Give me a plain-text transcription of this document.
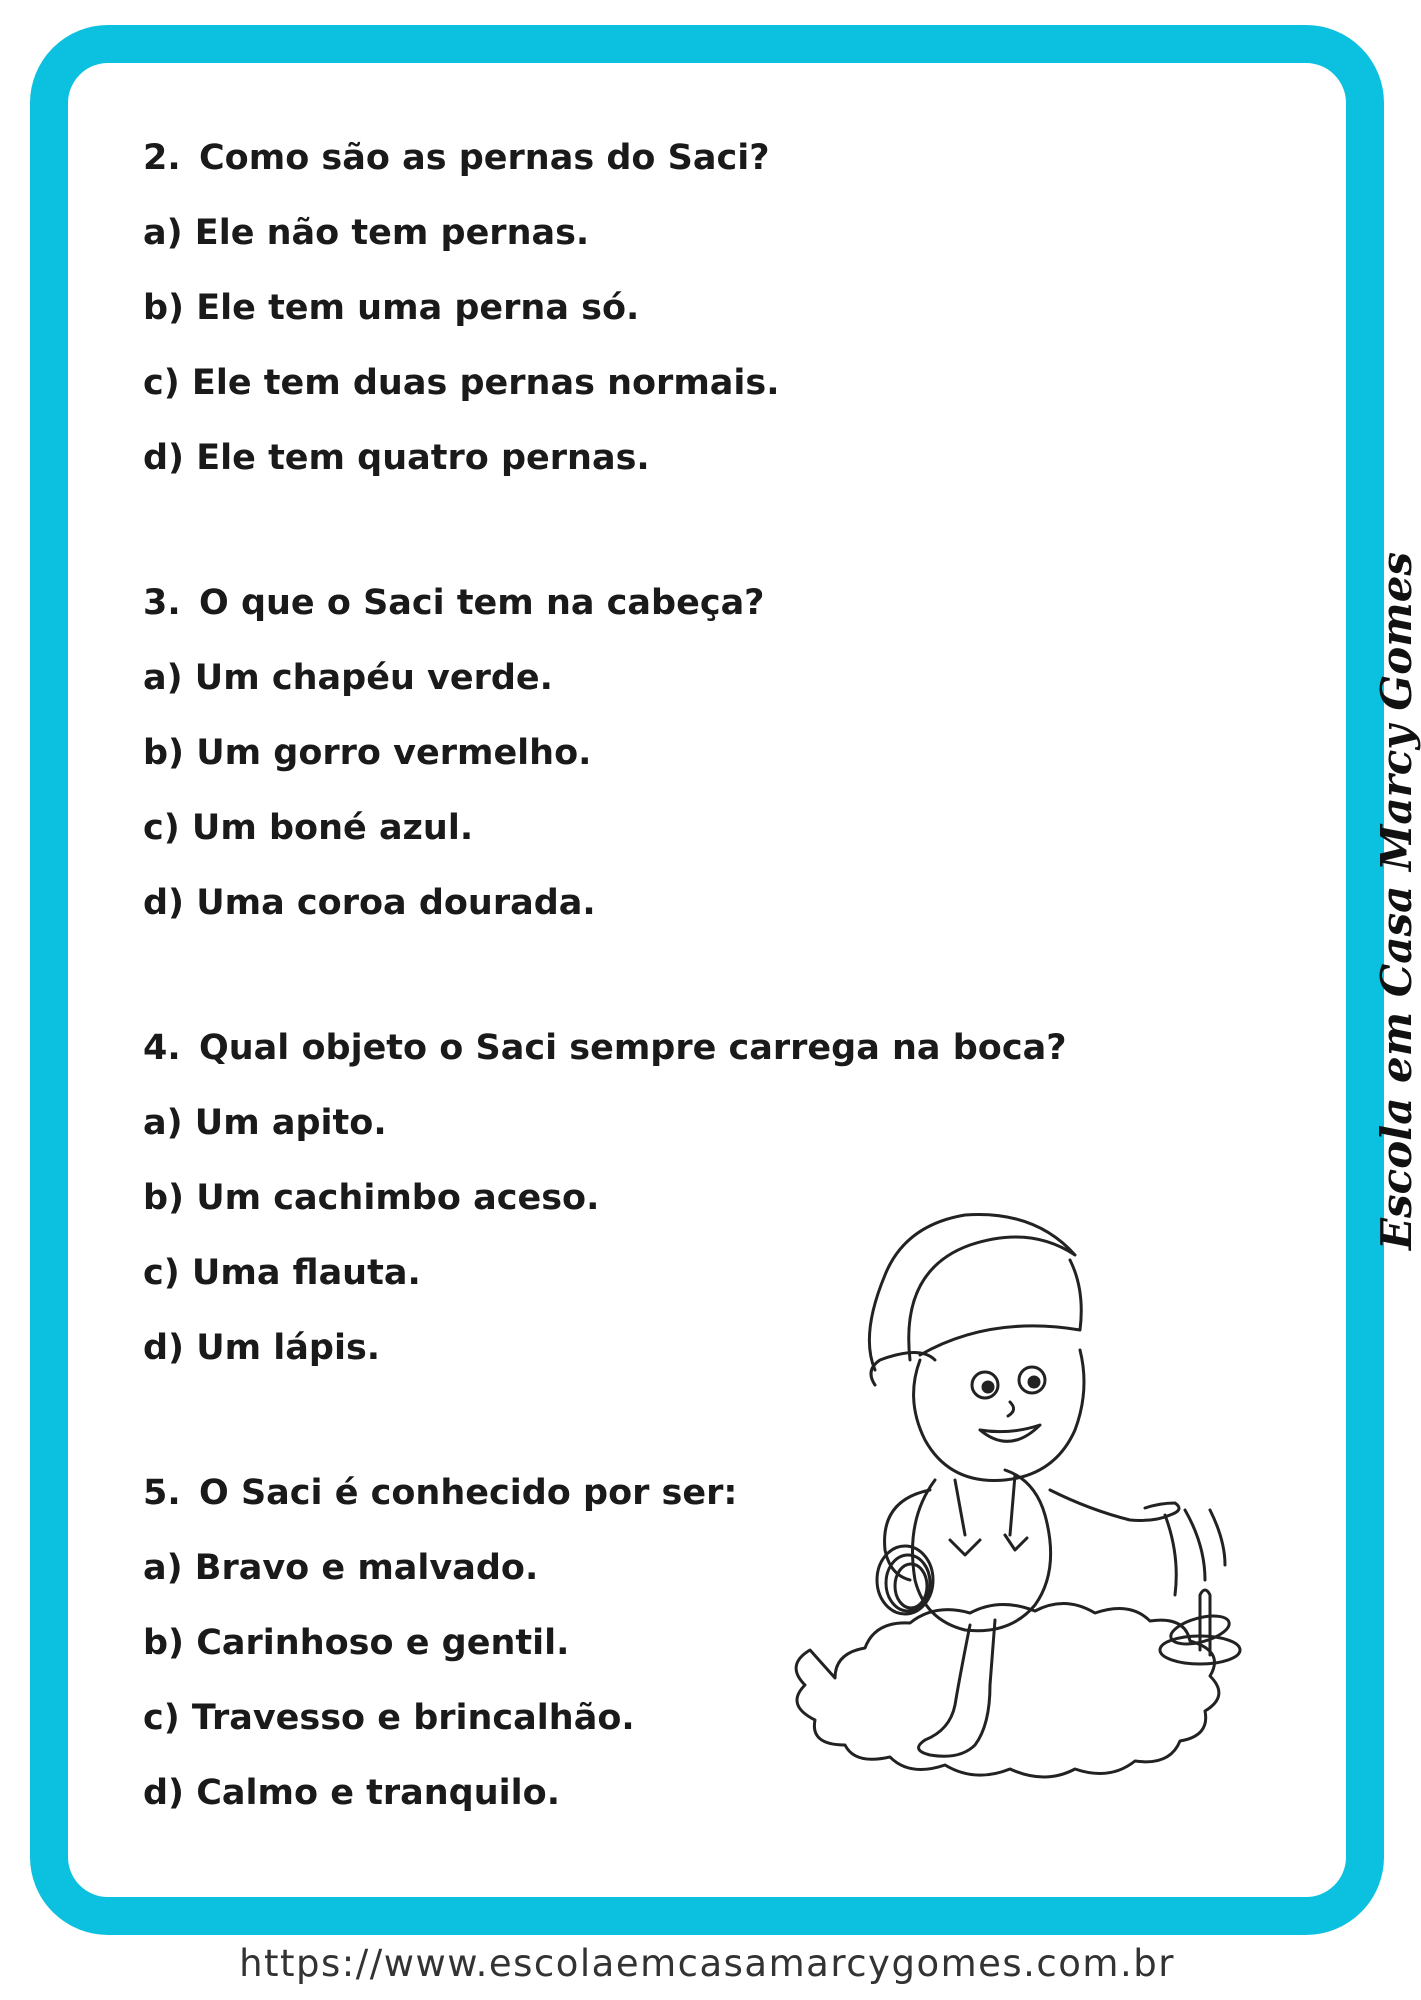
2. Como são as pernas do Saci?
a) Ele não tem pernas.
b) Ele tem uma perna só.
c) Ele tem duas pernas normais.
d) Ele tem quatro pernas.
3. O que o Saci tem na cabeça?
a) Um chapéu verde.
b) Um gorro vermelho.
c) Um boné azul.
d) Uma coroa dourada.
4. Qual objeto o Saci sempre carrega na boca?
a) Um apito.
b) Um cachimbo aceso.
c) Uma flauta.
d) Um lápis.
5. O Saci é conhecido por ser:
a) Bravo e malvado.
b) Carinhoso e gentil.
c) Travesso e brincalhão.
d) Calmo e tranquilo.
Escola em Casa Marcy Gomes
https://www.escolaemcasamarcygomes.com.br
